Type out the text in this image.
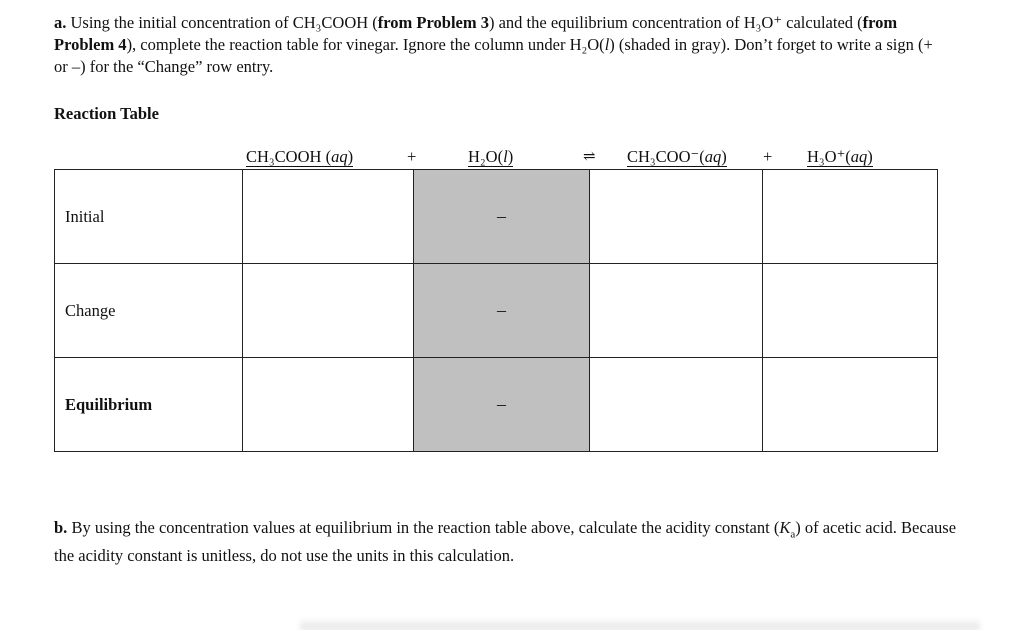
a. Using the initial concentration of CH₃COOH (from Problem 3) and the equilibrium concentration of H₃O⁺ calculated (from Problem 4), complete the reaction table for vinegar. Ignore the column under H₂O(l) (shaded in gray). Don’t forget to write a sign (+ or –) for the “Change” row entry.
Reaction Table
CH₃COOH (aq)	+	H₂O(l)	⇌ CH₃COO⁻(aq) + H₃O⁺(aq)
Initial		–		
Change		–		
Equilibrium		–		
b. By using the concentration values at equilibrium in the reaction table above, calculate the acidity constant $(K_a)$ of acetic acid. Because the acidity constant is unitless, do not use the units in this calculation.
